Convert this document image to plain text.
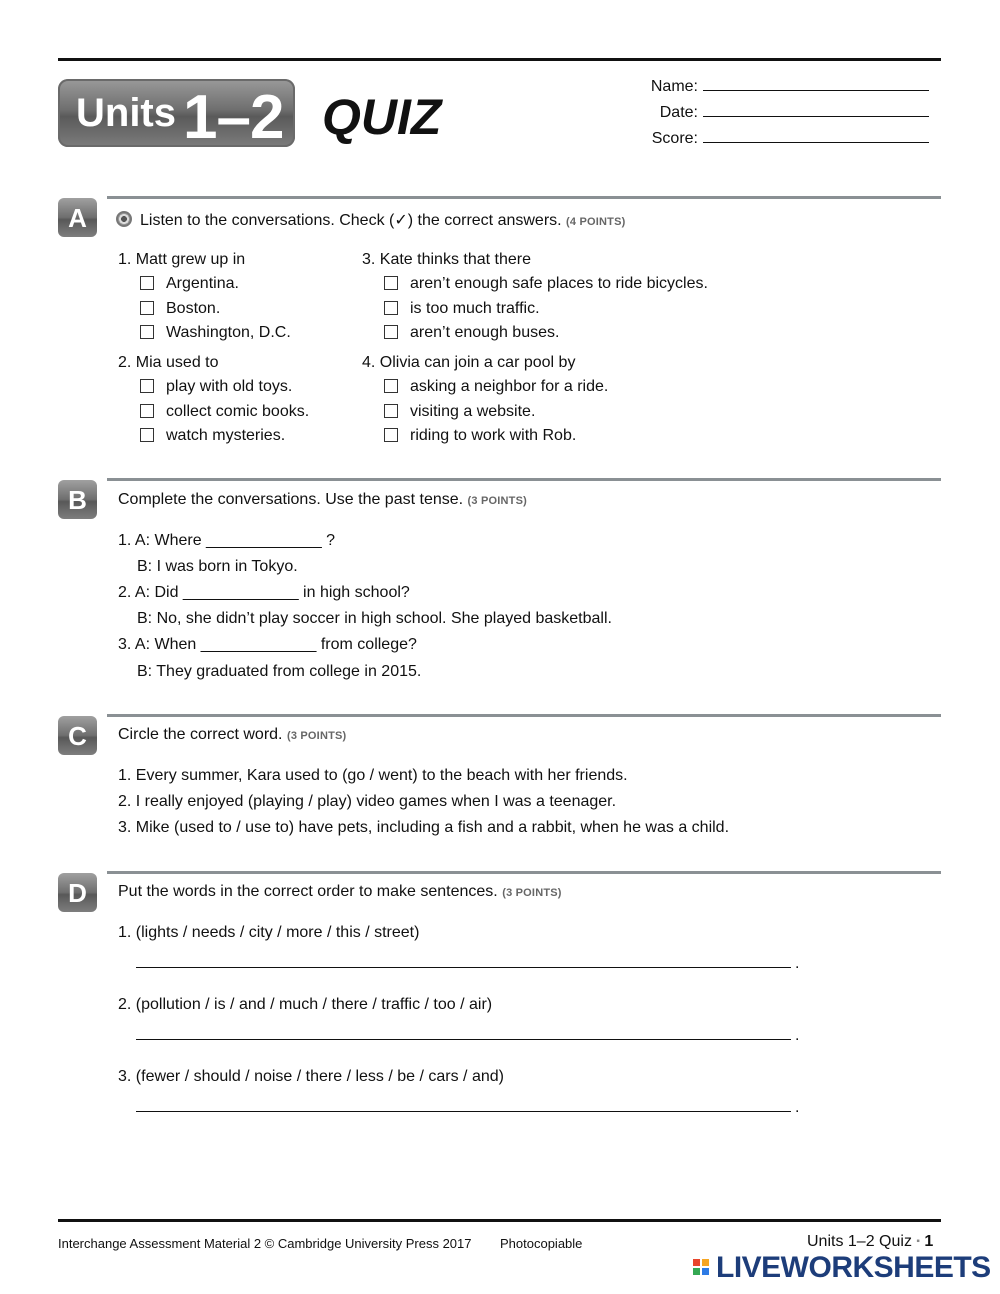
Units 1–2 QUIZ
Name:
Date:
Score:
A	Listen to the conversations. Check (✓) the correct answers. (4 POINTS)
1. Matt grew up in
Argentina.
Boston.
Washington, D.C.
2. Mia used to
play with old toys.
collect comic books.
watch mysteries.
3. Kate thinks that there
aren’t enough safe places to ride bicycles.
is too much traffic.
aren’t enough buses.
4. Olivia can join a car pool by
asking a neighbor for a ride.
visiting a website.
riding to work with Rob.
B	Complete the conversations. Use the past tense. (3 POINTS)
1. A: Where _____________ ?
B: I was born in Tokyo.
2. A: Did _____________ in high school?
B: No, she didn’t play soccer in high school. She played basketball.
3. A: When _____________ from college?
B: They graduated from college in 2015.
C	Circle the correct word. (3 POINTS)
1. Every summer, Kara used to (go / went) to the beach with her friends.
2. I really enjoyed (playing / play) video games when I was a teenager.
3. Mike (used to / use to) have pets, including a fish and a rabbit, when he was a child.
D	Put the words in the correct order to make sentences. (3 POINTS)
1. (lights / needs / city / more / this / street)
.
2. (pollution / is / and / much / there / traffic / too / air)
.
3. (fewer / should / noise / there / less / be / cars / and)
.
Interchange Assessment Material 2 © Cambridge University Press 2017 Photocopiable	Units 1–2 Quiz ▪ 1
LIVEWORKSHEETS
